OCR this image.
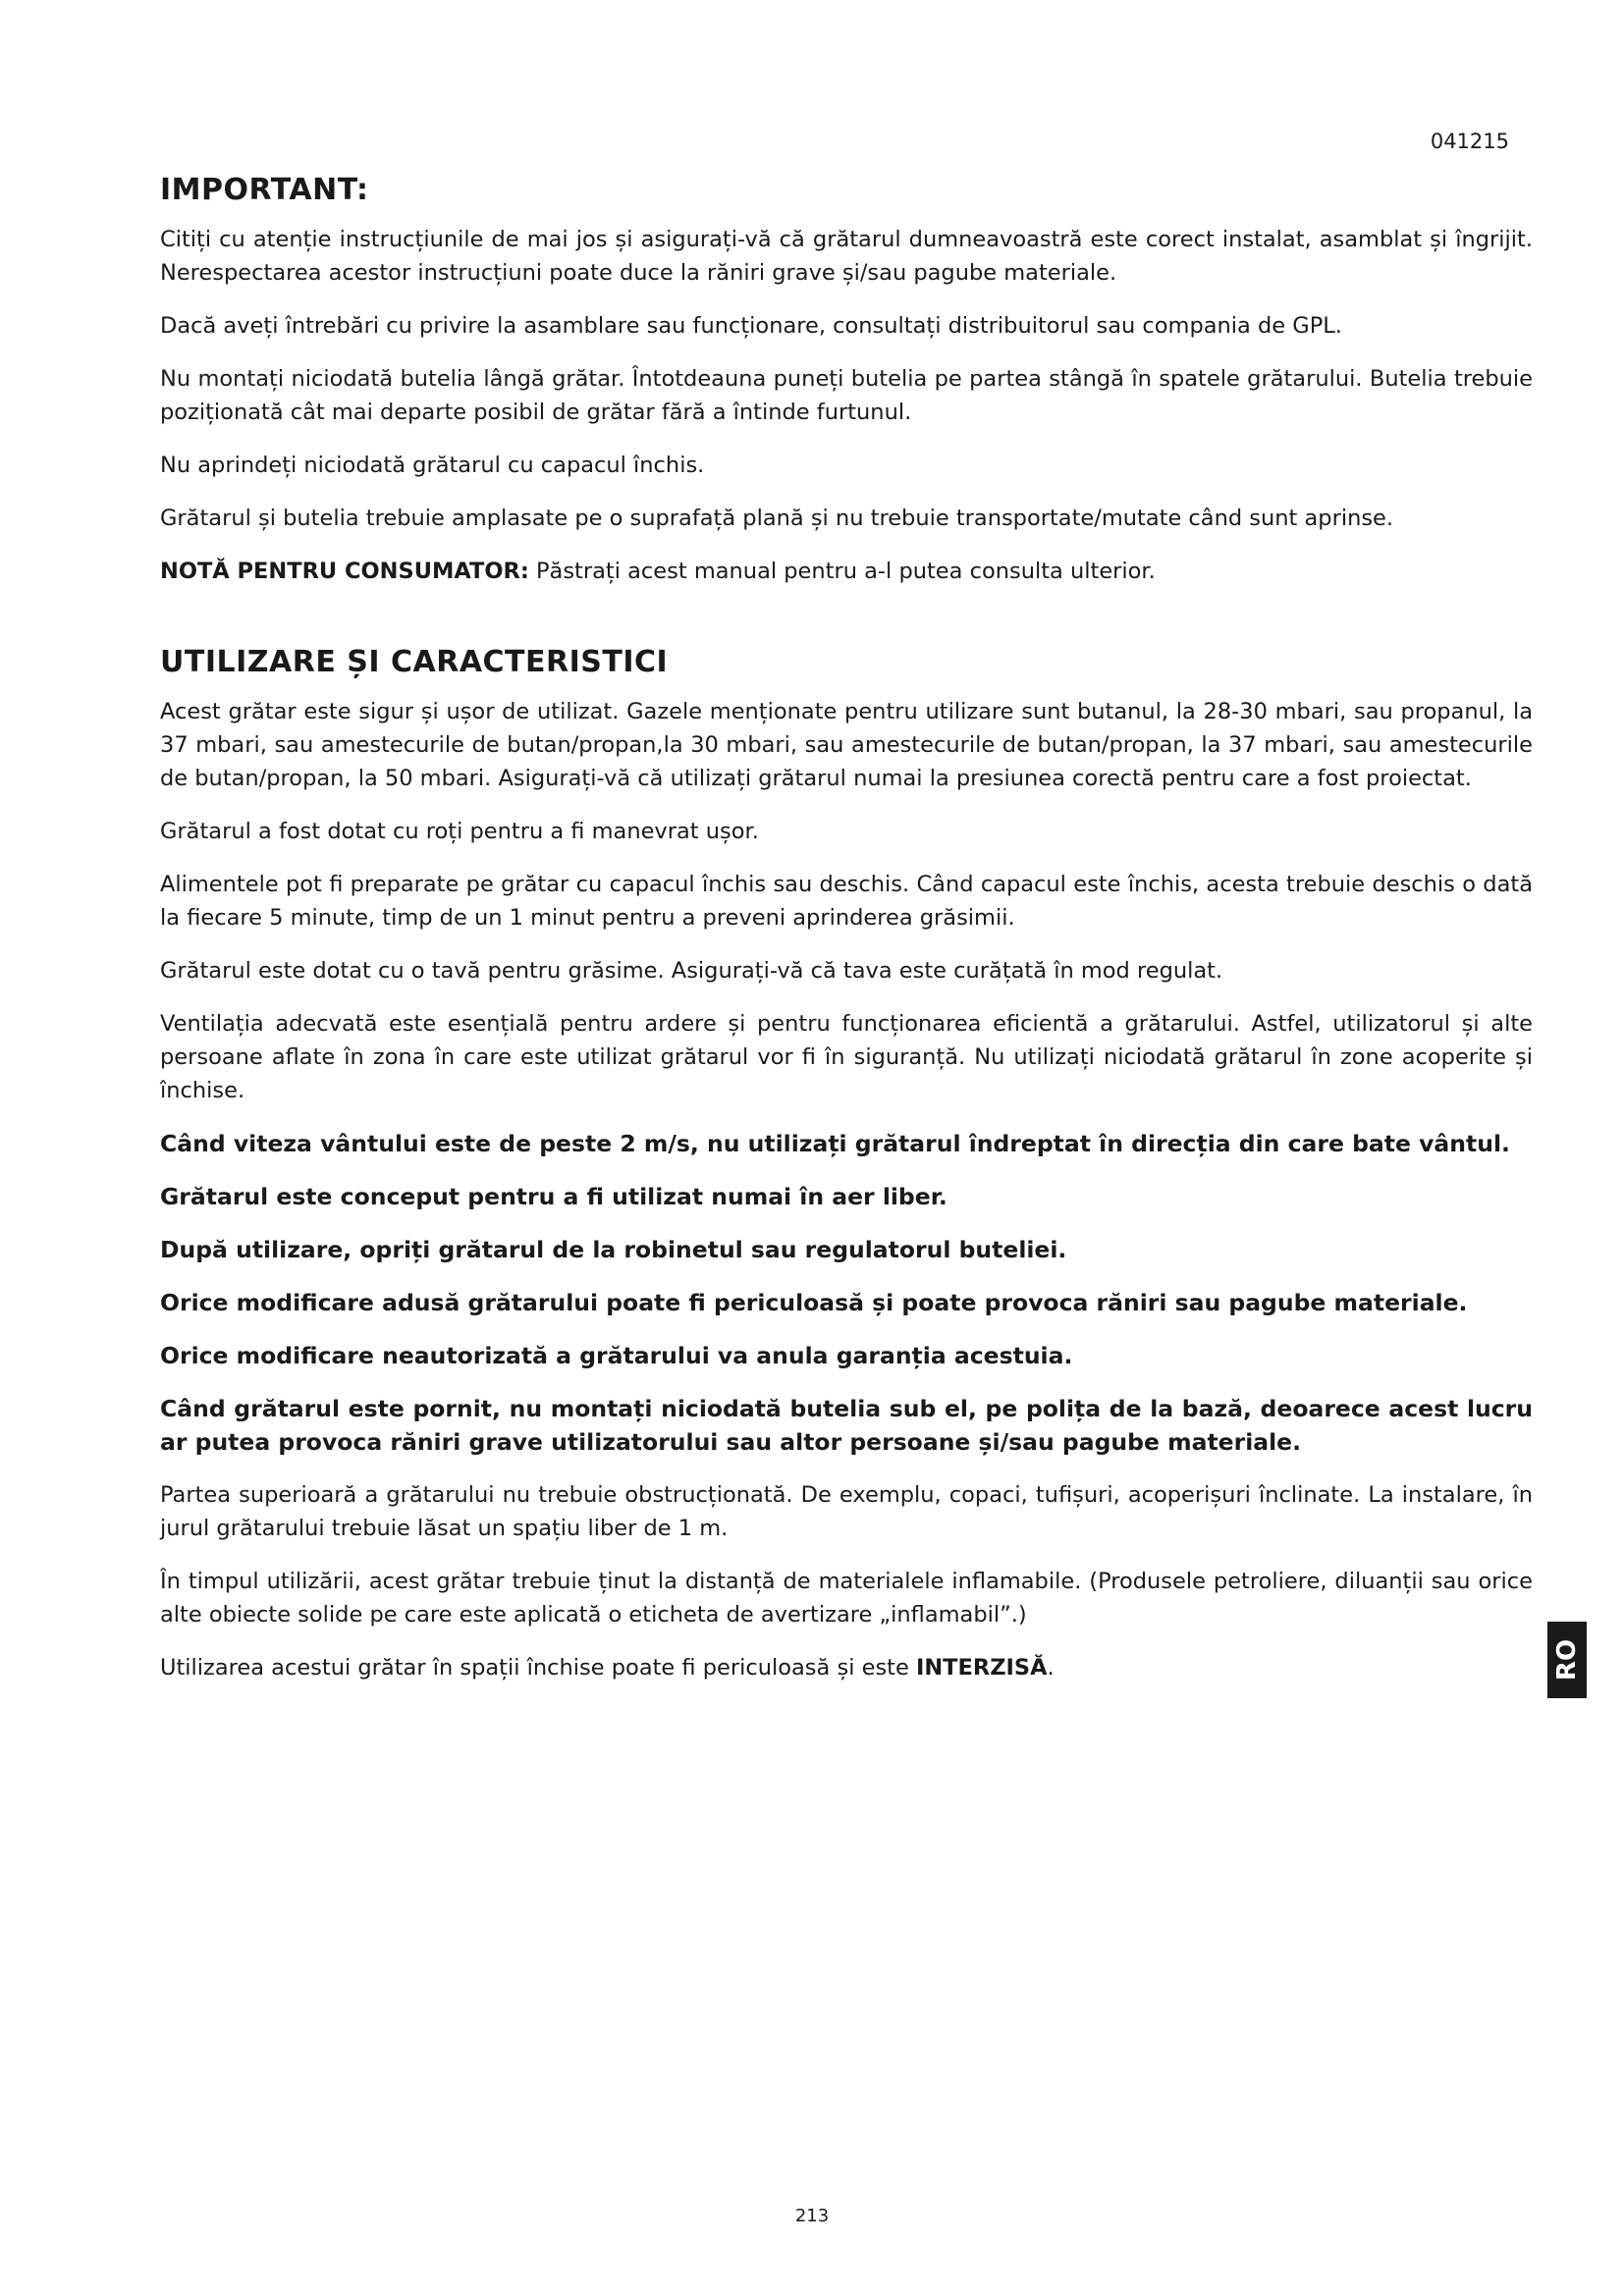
041215
IMPORTANT:

Citiți cu atenție instrucțiunile de mai jos și asigurați-vă că grătarul dumneavoastră este corect instalat, asamblat și îngrijit. Nerespectarea acestor instrucțiuni poate duce la răniri grave și/sau pagube materiale.

Dacă aveți întrebări cu privire la asamblare sau funcționare, consultați distribuitorul sau compania de GPL.

Nu montați niciodată butelia lângă grătar. Întotdeauna puneți butelia pe partea stângă în spatele grătarului. Butelia trebuie poziționată cât mai departe posibil de grătar fără a întinde furtunul.

Nu aprindeți niciodată grătarul cu capacul închis.

Grătarul și butelia trebuie amplasate pe o suprafață plană și nu trebuie transportate/mutate când sunt aprinse.

NOTĂ PENTRU CONSUMATOR: Păstrați acest manual pentru a-l putea consulta ulterior.

UTILIZARE ȘI CARACTERISTICI

Acest grătar este sigur și ușor de utilizat. Gazele menționate pentru utilizare sunt butanul, la 28-30 mbari, sau propanul, la 37 mbari, sau amestecurile de butan/propan,la 30 mbari, sau amestecurile de butan/propan, la 37 mbari, sau amestecurile de butan/propan, la 50 mbari. Asigurați-vă că utilizați grătarul numai la presiunea corectă pentru care a fost proiectat.

Grătarul a fost dotat cu roți pentru a fi manevrat ușor.

Alimentele pot fi preparate pe grătar cu capacul închis sau deschis. Când capacul este închis, acesta trebuie deschis o dată la fiecare 5 minute, timp de un 1 minut pentru a preveni aprinderea grăsimii.

Grătarul este dotat cu o tavă pentru grăsime. Asigurați-vă că tava este curățată în mod regulat.

Ventilația adecvată este esențială pentru ardere și pentru funcționarea eficientă a grătarului. Astfel, utilizatorul și alte persoane aflate în zona în care este utilizat grătarul vor fi în siguranță. Nu utilizați niciodată grătarul în zone acoperite și închise.

Când viteza vântului este de peste 2 m/s, nu utilizați grătarul îndreptat în direcția din care bate vântul.

Grătarul este conceput pentru a fi utilizat numai în aer liber.

După utilizare, opriți grătarul de la robinetul sau regulatorul buteliei.

Orice modificare adusă grătarului poate fi periculoasă și poate provoca răniri sau pagube materiale.

Orice modificare neautorizată a grătarului va anula garanția acestuia.

Când grătarul este pornit, nu montați niciodată butelia sub el, pe polița de la bază, deoarece acest lucru ar putea provoca răniri grave utilizatorului sau altor persoane și/sau pagube materiale.

Partea superioară a grătarului nu trebuie obstrucționată. De exemplu, copaci, tufișuri, acoperișuri înclinate. La instalare, în jurul grătarului trebuie lăsat un spațiu liber de 1 m.

În timpul utilizării, acest grătar trebuie ținut la distanță de materialele inflamabile. (Produsele petroliere, diluanții sau orice alte obiecte solide pe care este aplicată o eticheta de avertizare „inflamabil”.)

Utilizarea acestui grătar în spații închise poate fi periculoasă și este INTERZISĂ.	RO
213
